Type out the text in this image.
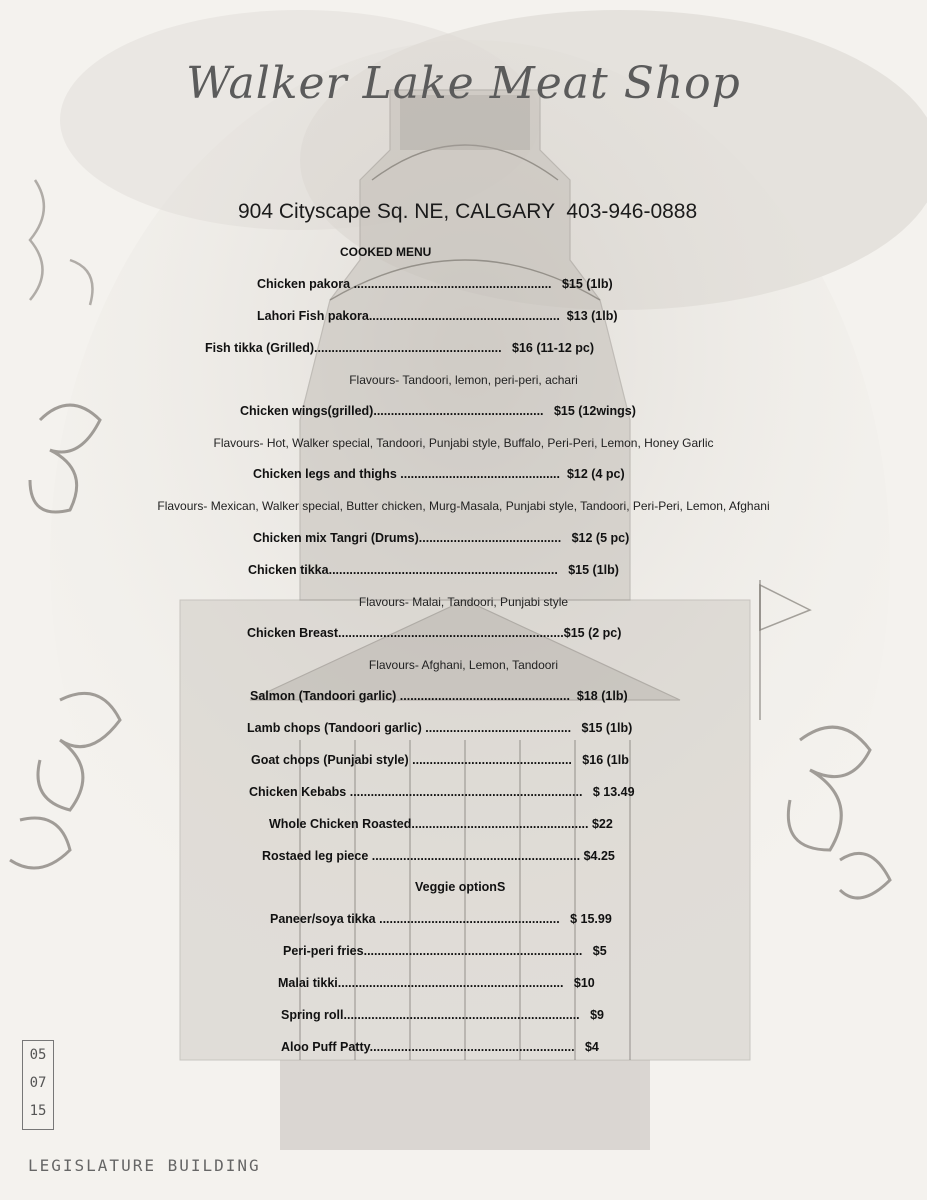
Walker Lake Meat Shop
904 Cityscape Sq. NE, CALGARY  403-946-0888
COOKED MENU
Chicken pakora .........................................................   $15 (1lb)
Lahori Fish pakora.......................................................  $13 (1lb)
Fish tikka (Grilled)......................................................   $16 (11-12 pc)
Flavours- Tandoori, lemon, peri-peri, achari
Chicken wings(grilled).................................................   $15 (12wings)
Flavours- Hot, Walker special, Tandoori, Punjabi style, Buffalo, Peri-Peri, Lemon, Honey Garlic
Chicken legs and thighs ..............................................  $12 (4 pc)
Flavours- Mexican, Walker special, Butter chicken, Murg-Masala, Punjabi style, Tandoori, Peri-Peri, Lemon, Afghani
Chicken mix Tangri (Drums).........................................   $12 (5 pc)
Chicken tikka..................................................................   $15 (1lb)
Flavours- Malai, Tandoori, Punjabi style
Chicken Breast.................................................................$15 (2 pc)
Flavours- Afghani, Lemon, Tandoori
Salmon (Tandoori garlic) .................................................  $18 (1lb)
Lamb chops (Tandoori garlic) ..........................................   $15 (1lb)
Goat chops (Punjabi style) ..............................................   $16 (1lb
Chicken Kebabs ...................................................................   $ 13.49
Whole Chicken Roasted................................................... $22
Rostaed leg piece ............................................................ $4.25
Veggie optionS
Paneer/soya tikka ....................................................   $ 15.99
Peri-peri fries...............................................................   $5
Malai tikki.................................................................   $10
Spring roll....................................................................   $9
Aloo Puff Patty...........................................................   $4
05
07
15
LEGISLATURE BUILDING
